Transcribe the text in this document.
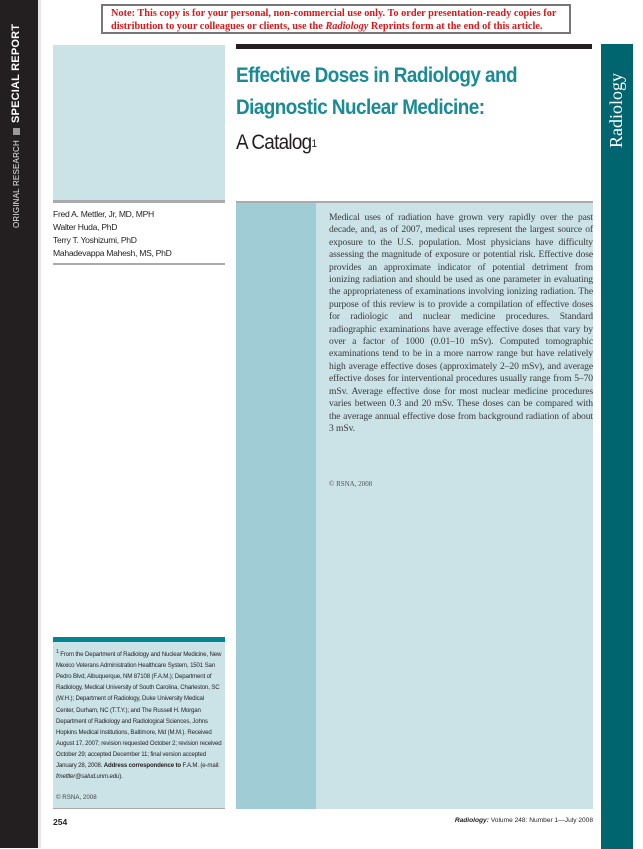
ORIGINAL RESEARCH
SPECIAL REPORT
Note: This copy is for your personal, non-commercial use only. To order presentation-ready copies for
distribution to your colleagues or clients, use the Radiology Reprints form at the end of this article.
Effective Doses in Radiology and
Diagnostic Nuclear Medicine:
A Catalog$^1$	Radiology
Fred A. Mettler, Jr, MD, MPH
Walter Huda, PhD
Terry T. Yoshizumi, PhD
Mahadevappa Mahesh, MS, PhD
Medical uses of radiation have grown very rapidly over the past decade, and, as of 2007, medical uses represent the largest source of exposure to the U.S. population. Most physicians have difficulty assessing the magnitude of exposure or potential risk. Effective dose provides an approximate indicator of potential detriment from ionizing radiation and should be used as one parameter in evaluating the appropriateness of examinations involving ionizing radiation. The purpose of this review is to provide a compilation of effective doses for radiologic and nuclear medicine procedures. Standard radiographic examinations have average effective doses that vary by over a factor of 1000 (0.01–10 mSv). Computed tomographic examinations tend to be in a more narrow range but have relatively high average effective doses (approximately 2–20 mSv), and average effective doses for interventional procedures usually range from 5–70 mSv. Average effective dose for most nuclear medicine procedures varies between 0.3 and 20 mSv. These doses can be compared with the average annual effective dose from background radiation of about 3 mSv.
© RSNA, 2008
$^1$ From the Department of Radiology and Nuclear Medicine, New Mexico Veterans Administration Healthcare System, 1501 San Pedro Blvd, Albuquerque, NM 87108 (F.A.M.); Department of Radiology, Medical University of South Carolina, Charleston, SC (W.H.); Department of Radiology, Duke University Medical Center, Durham, NC (T.T.Y.); and The Russell H. Morgan Department of Radiology and Radiological Sciences, Johns Hopkins Medical Institutions, Baltimore, Md (M.M.). Received August 17, 2007; revision requested October 2; revision received October 29; accepted December 11; final version accepted January 28, 2008. Address correspondence to F.A.M. (e-mail: fmettler@salud.unm.edu).
© RSNA, 2008
254	Radiology: Volume 248: Number 1—July 2008
